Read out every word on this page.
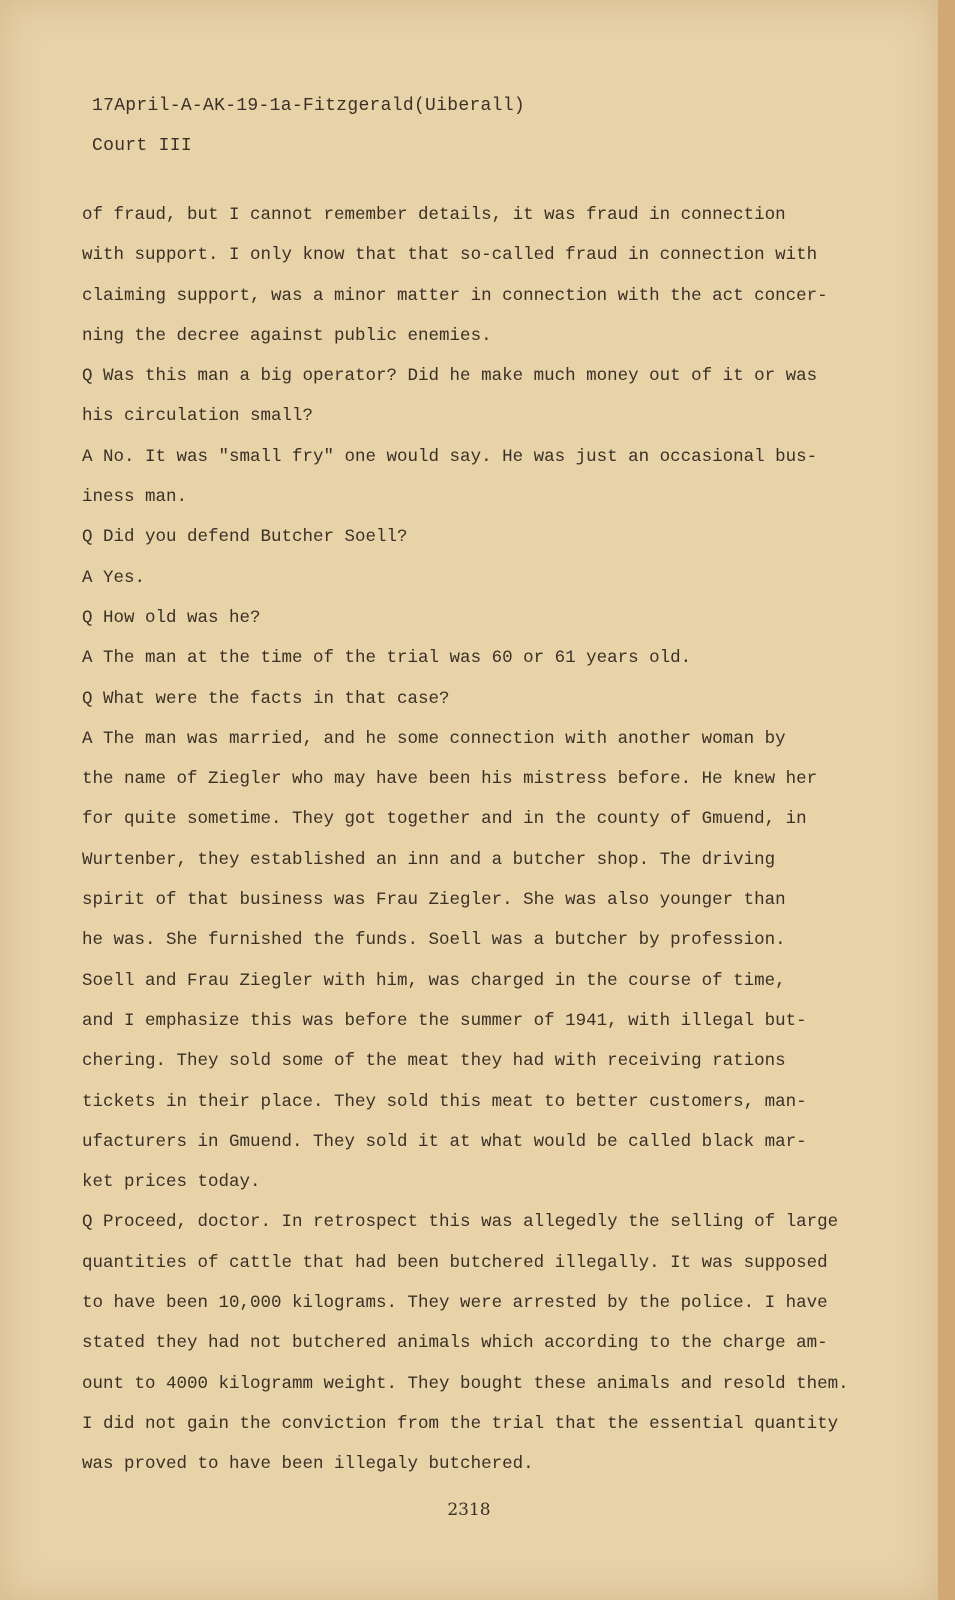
17April-A-AK-19-1a-Fitzgerald(Uiberall)
Court III
of fraud, but I cannot remember details, it was fraud in connection
with support. I only know that that so-called fraud in connection with
claiming support, was a minor matter in connection with the act concer-
ning the decree against public enemies.
Q Was this man a big operator? Did he make much money out of it or was
his circulation small?
A No. It was "small fry" one would say. He was just an occasional bus-
iness man.
Q Did you defend Butcher Soell?
A Yes.
Q How old was he?
A The man at the time of the trial was 60 or 61 years old.
Q What were the facts in that case?
A The man was married, and he some connection with another woman by
the name of Ziegler who may have been his mistress before. He knew her
for quite sometime. They got together and in the county of Gmuend, in
Wurtenber, they established an inn and a butcher shop. The driving
spirit of that business was Frau Ziegler. She was also younger than
he was. She furnished the funds. Soell was a butcher by profession.
Soell and Frau Ziegler with him, was charged in the course of time,
and I emphasize this was before the summer of 1941, with illegal but-
chering. They sold some of the meat they had with receiving rations
tickets in their place. They sold this meat to better customers, man-
ufacturers in Gmuend. They sold it at what would be called black mar-
ket prices today.
Q Proceed, doctor. In retrospect this was allegedly the selling of large
quantities of cattle that had been butchered illegally. It was supposed
to have been 10,000 kilograms. They were arrested by the police. I have
stated they had not butchered animals which according to the charge am-
ount to 4000 kilogramm weight. They bought these animals and resold them.
I did not gain the conviction from the trial that the essential quantity
was proved to have been illegaly butchered.
2318
